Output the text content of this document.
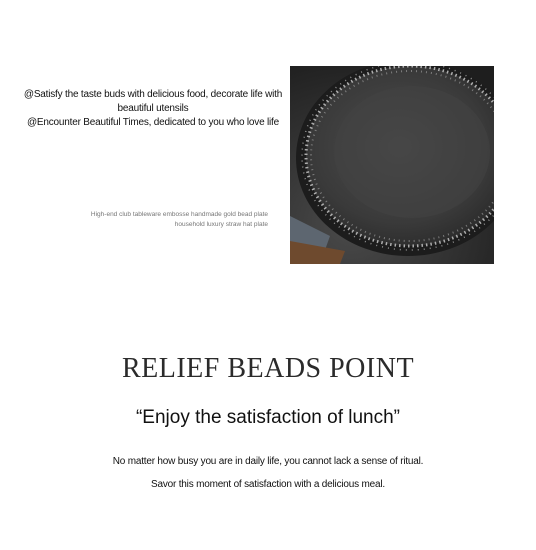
@Satisfy the taste buds with delicious food, decorate life with
beautiful utensils
@Encounter Beautiful Times, dedicated to you who love life
High-end club tableware embosse handmade gold bead plate
household luxury straw hat plate
RELIEF BEADS POINT
“Enjoy the satisfaction of lunch”
No matter how busy you are in daily life, you cannot lack a sense of ritual.
Savor this moment of satisfaction with a delicious meal.
